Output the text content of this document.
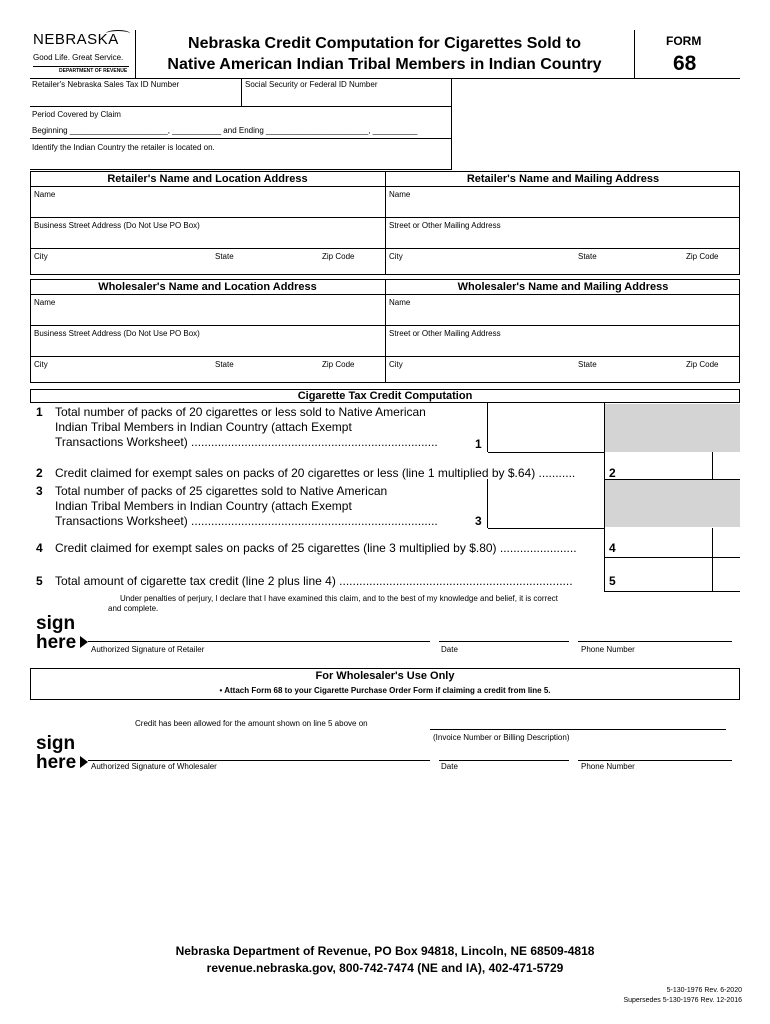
NEBRASKA
Good Life. Great Service.
DEPARTMENT OF REVENUE
Nebraska Credit Computation for Cigarettes Sold to
Native American Indian Tribal Members in Indian Country
FORM
68
Retailer's Nebraska Sales Tax ID Number	Social Security or Federal ID Number
Period Covered by Claim
Beginning ______________________, ___________ and Ending _______________________, __________
Identify the Indian Country the retailer is located on.
Retailer's Name and Location Address	Retailer's Name and Mailing Address
Name	Name
Business Street Address (Do Not Use PO Box)	Street or Other Mailing Address
City	State	Zip Code	City	State	Zip Code
Wholesaler's Name and Location Address	Wholesaler's Name and Mailing Address
Name	Name
Business Street Address (Do Not Use PO Box)	Street or Other Mailing Address
City	State	Zip Code	City	State	Zip Code
Cigarette Tax Credit Computation
1 Total number of packs of 20 cigarettes or less sold to Native American
Indian Tribal Members in Indian Country (attach Exempt
Transactions Worksheet) ..........................................................................	1
2 Credit claimed for exempt sales on packs of 20 cigarettes or less (line 1 multiplied by $.64) ...........	2
3 Total number of packs of 25 cigarettes sold to Native American
Indian Tribal Members in Indian Country (attach Exempt
Transactions Worksheet) ..........................................................................	3
4 Credit claimed for exempt sales on packs of 25 cigarettes (line 3 multiplied by $.80) .......................	4
5 Total amount of cigarette tax credit (line 2 plus line 4) ......................................................................	5
Under penalties of perjury, I declare that I have examined this claim, and to the best of my knowledge and belief, it is correct
and complete.
sign
here Authorized Signature of Retailer	Date	Phone Number
For Wholesaler's Use Only
• Attach Form 68 to your Cigarette Purchase Order Form if claiming a credit from line 5.
Credit has been allowed for the amount shown on line 5 above on
(Invoice Number or Billing Description)
sign
here Authorized Signature of Wholesaler	Date	Phone Number
Nebraska Department of Revenue, PO Box 94818, Lincoln, NE 68509-4818
revenue.nebraska.gov, 800-742-7474 (NE and IA), 402-471-5729
5-130-1976 Rev. 6-2020
Supersedes 5-130-1976 Rev. 12-2016
